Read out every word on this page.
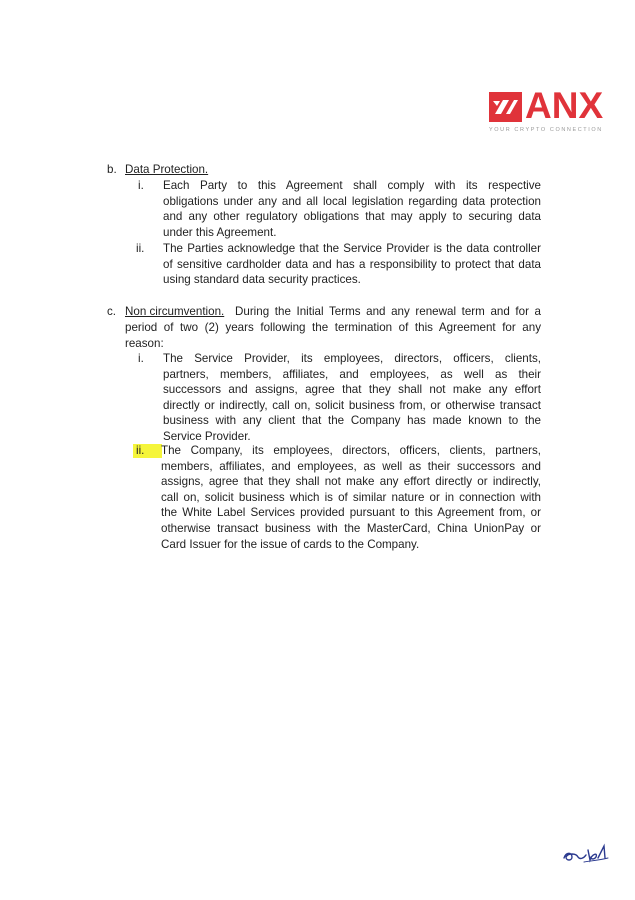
ANX
YOUR CRYPTO CONNECTION
b. Data Protection.
i. Each Party to this Agreement shall comply with its respective
obligations under any and all local legislation regarding data protection
and any other regulatory obligations that may apply to securing data
under this Agreement.
ii. The Parties acknowledge that the Service Provider is the data controller
of sensitive cardholder data and has a responsibility to protect that data
using standard data security practices.
c. Non circumvention. During the Initial Terms and any renewal term and for a
period of two (2) years following the termination of this Agreement for any
reason:
i. The Service Provider, its employees, directors, officers, clients,
partners, members, affiliates, and employees, as well as their
successors and assigns, agree that they shall not make any effort
directly or indirectly, call on, solicit business from, or otherwise transact
business with any client that the Company has made known to the
Service Provider.
ii. The Company, its employees, directors, officers, clients, partners,
members, affiliates, and employees, as well as their successors and
assigns, agree that they shall not make any effort directly or indirectly,
call on, solicit business which is of similar nature or in connection with
the White Label Services provided pursuant to this Agreement from, or
otherwise transact business with the MasterCard, China UnionPay or
Card Issuer for the issue of cards to the Company.
